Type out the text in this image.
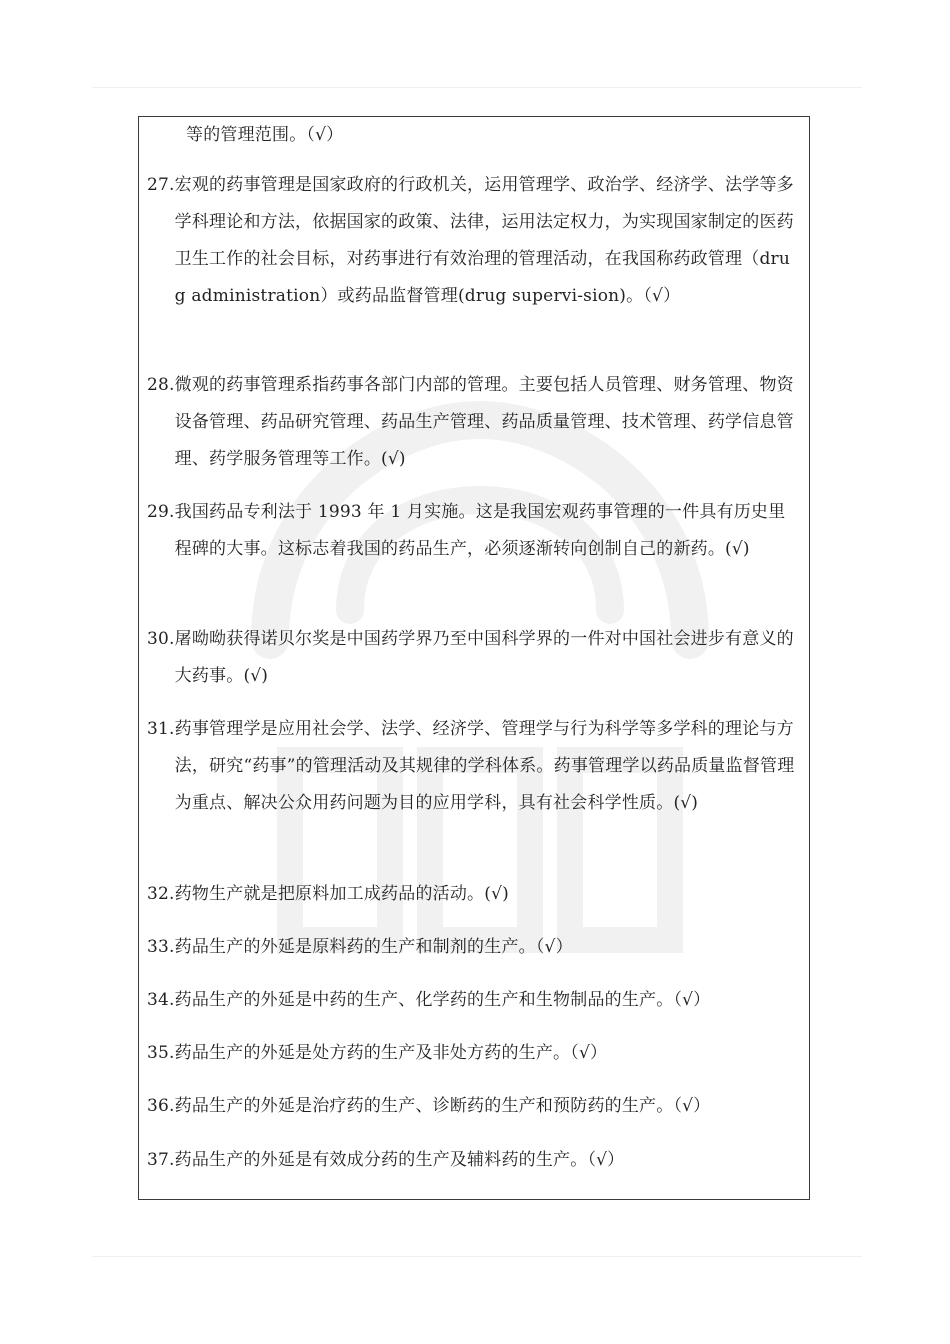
等的管理范围。（√）
27. 宏观的药事管理是国家政府的行政机关，运用管理学、政治学、经济学、法学等多学科理论和方法，依据国家的政策、法律，运用法定权力，为实现国家制定的医药卫生工作的社会目标，对药事进行有效治理的管理活动，在我国称药政管理（drug administration）或药品监督管理(drug supervi-sion)。（√）
28. 微观的药事管理系指药事各部门内部的管理。主要包括人员管理、财务管理、物资设备管理、药品研究管理、药品生产管理、药品质量管理、技术管理、药学信息管理、药学服务管理等工作。(√)
29. 我国药品专利法于 1993 年 1 月实施。这是我国宏观药事管理的一件具有历史里程碑的大事。这标志着我国的药品生产，必须逐渐转向创制自己的新药。(√)
30. 屠呦呦获得诺贝尔奖是中国药学界乃至中国科学界的一件对中国社会进步有意义的大药事。(√)
31. 药事管理学是应用社会学、法学、经济学、管理学与行为科学等多学科的理论与方法，研究“药事”的管理活动及其规律的学科体系。药事管理学以药品质量监督管理为重点、解决公众用药问题为目的应用学科，具有社会科学性质。(√)
32. 药物生产就是把原料加工成药品的活动。(√)
33. 药品生产的外延是原料药的生产和制剂的生产。（√）
34. 药品生产的外延是中药的生产、化学药的生产和生物制品的生产。（√）
35. 药品生产的外延是处方药的生产及非处方药的生产。（√）
36. 药品生产的外延是治疗药的生产、诊断药的生产和预防药的生产。（√）
37. 药品生产的外延是有效成分药的生产及辅料药的生产。（√）
